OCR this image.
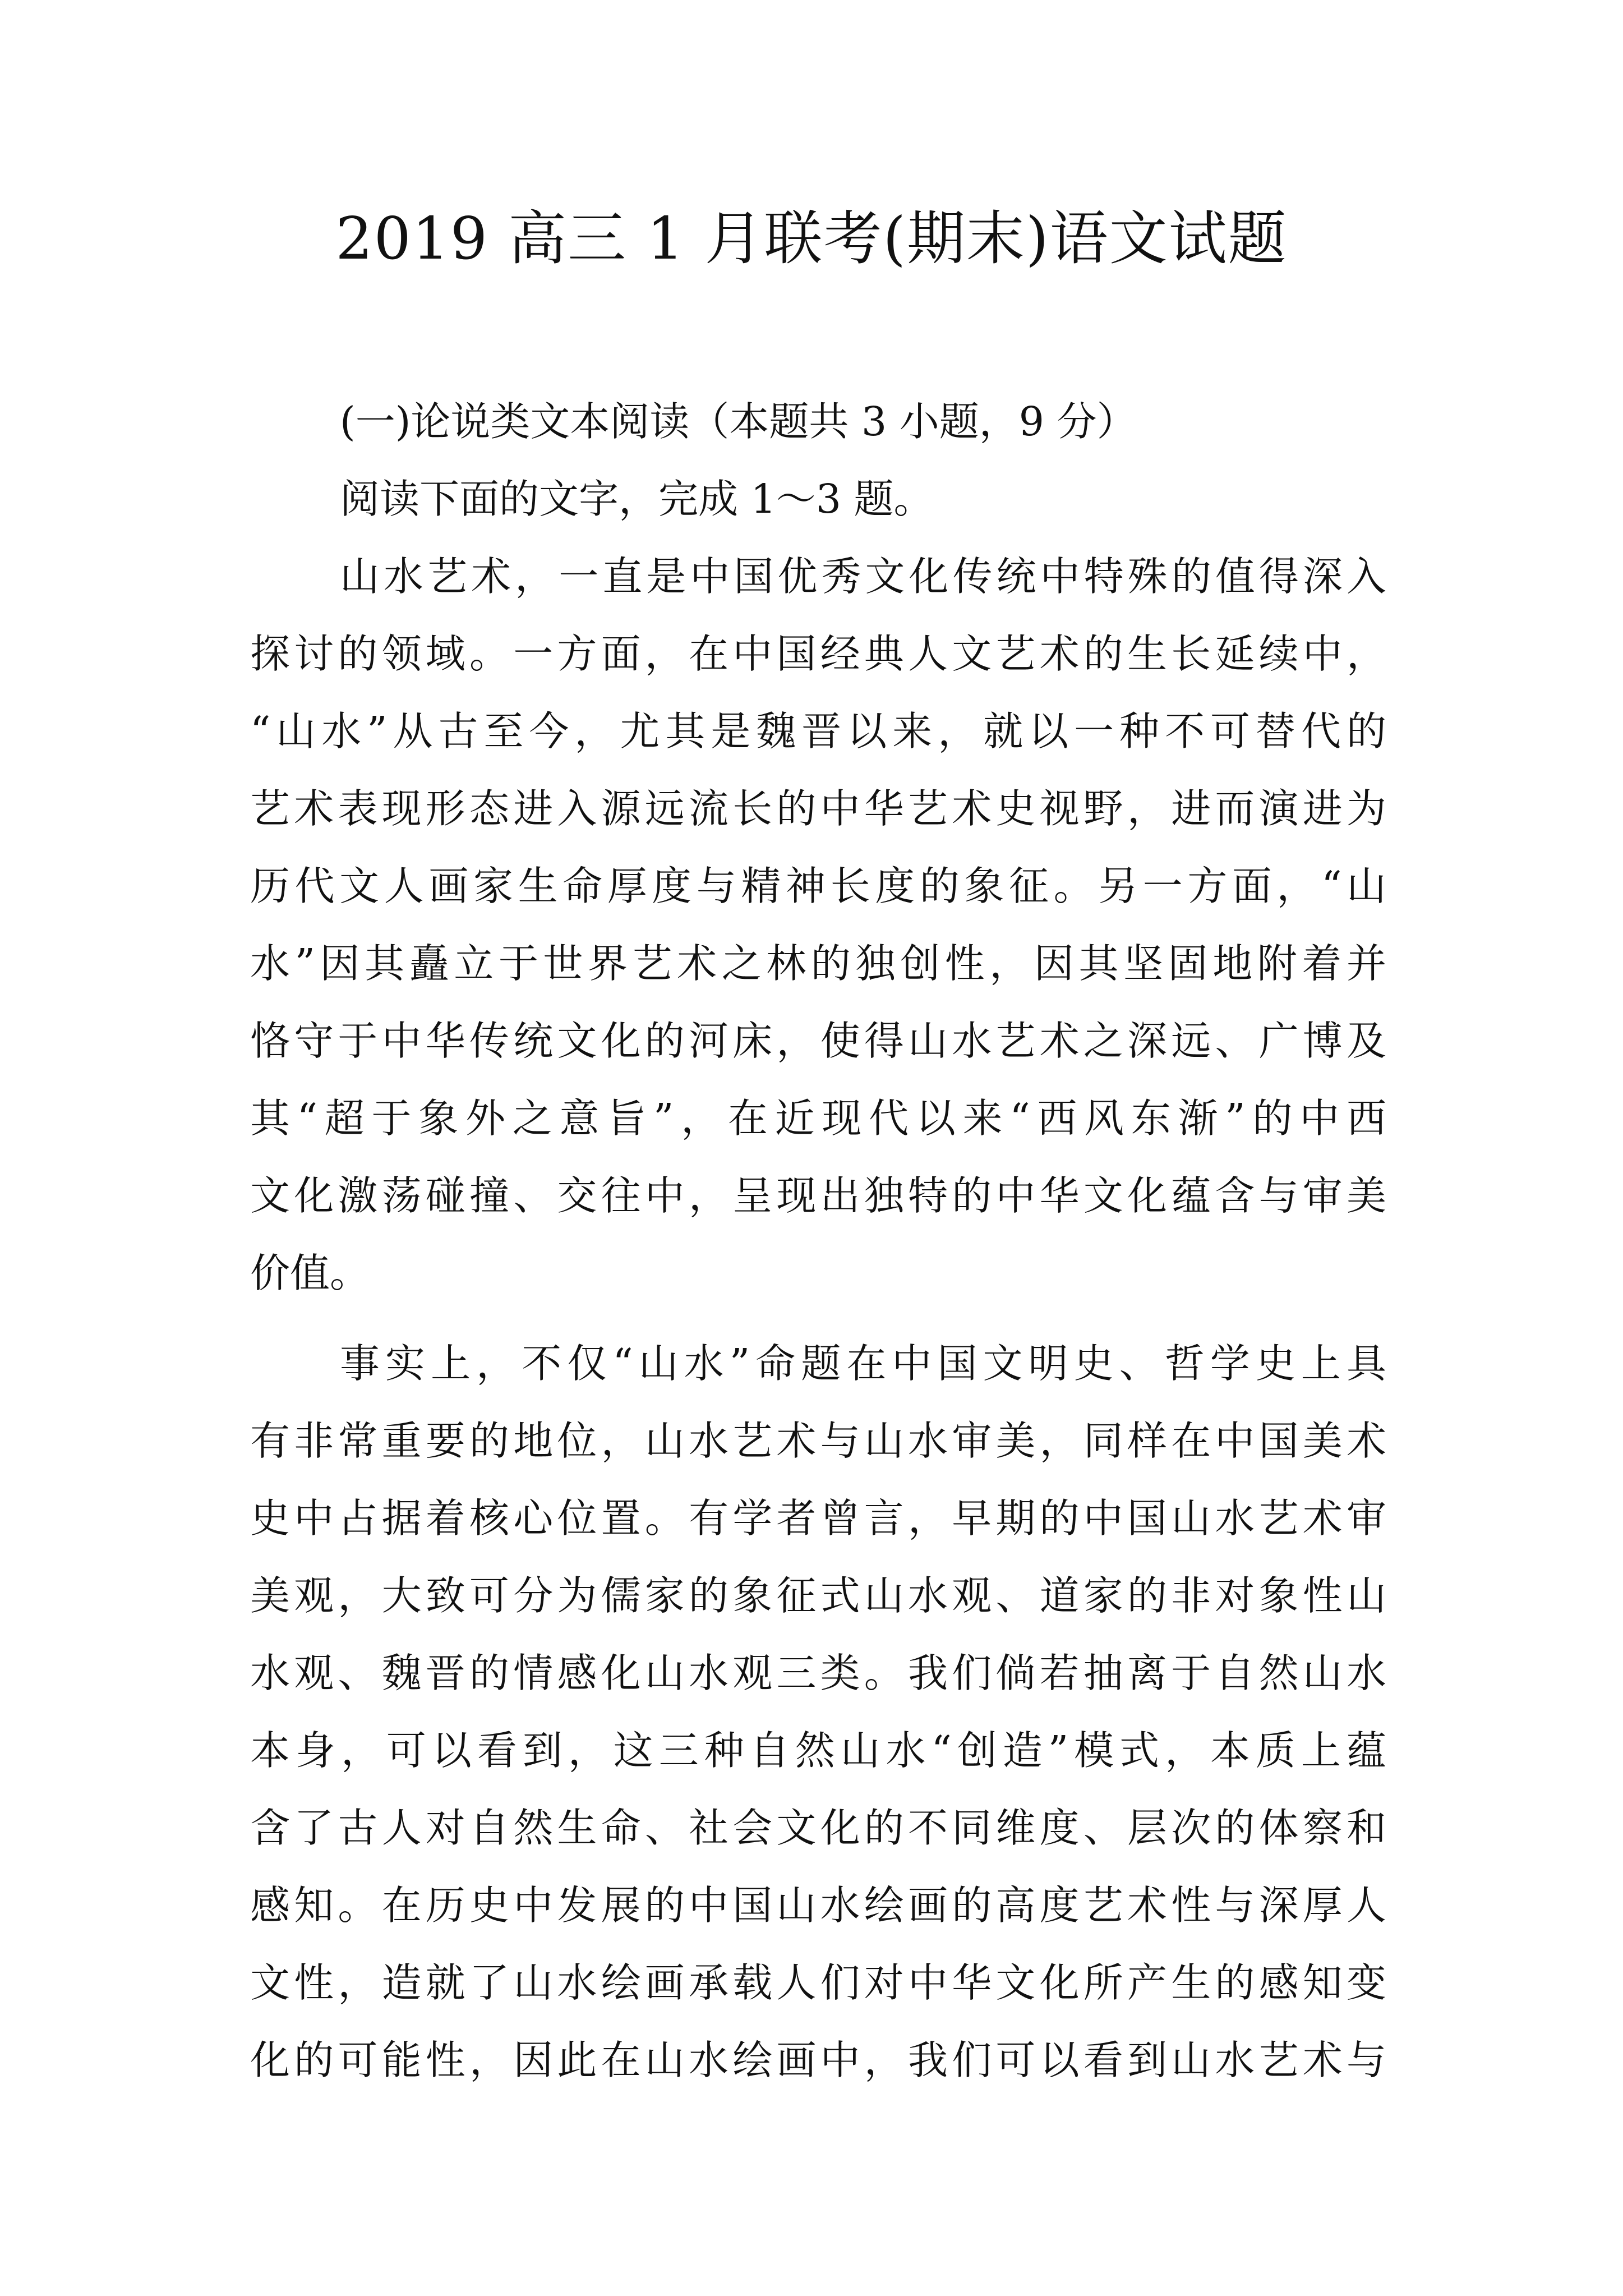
2019 高三 1 月联考(期末)语文试题
(一)论说类文本阅读（本题共 3 小题，9 分）
阅读下面的文字，完成 1～3 题。
山水艺术，一直是中国优秀文化传统中特殊的值得深入
探讨的领域。一方面，在中国经典人文艺术的生长延续中，
“山水”从古至今，尤其是魏晋以来，就以一种不可替代的
艺术表现形态进入源远流长的中华艺术史视野，进而演进为
历代文人画家生命厚度与精神长度的象征。另一方面，“山
水”因其矗立于世界艺术之林的独创性，因其坚固地附着并
恪守于中华传统文化的河床，使得山水艺术之深远、广博及
其“超于象外之意旨”，在近现代以来“西风东渐”的中西
文化激荡碰撞、交往中，呈现出独特的中华文化蕴含与审美
价值。
事实上，不仅“山水”命题在中国文明史、哲学史上具
有非常重要的地位，山水艺术与山水审美，同样在中国美术
史中占据着核心位置。有学者曾言，早期的中国山水艺术审
美观，大致可分为儒家的象征式山水观、道家的非对象性山
水观、魏晋的情感化山水观三类。我们倘若抽离于自然山水
本身，可以看到，这三种自然山水“创造”模式，本质上蕴
含了古人对自然生命、社会文化的不同维度、层次的体察和
感知。在历史中发展的中国山水绘画的高度艺术性与深厚人
文性，造就了山水绘画承载人们对中华文化所产生的感知变
化的可能性，因此在山水绘画中，我们可以看到山水艺术与
